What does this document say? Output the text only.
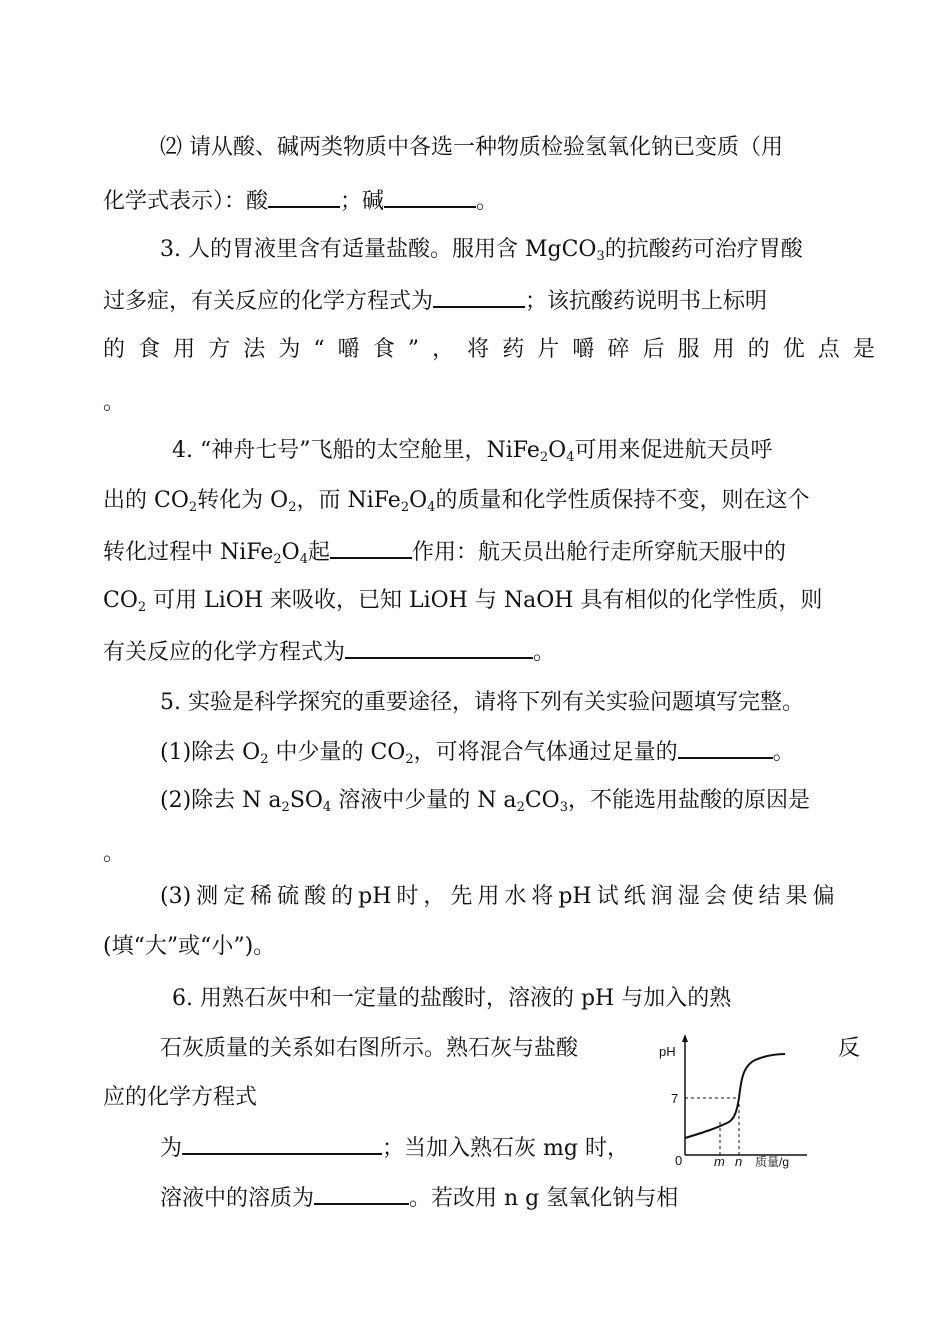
⑵ 请从酸、碱两类物质中各选一种物质检验氢氧化钠已变质（用
化学式表示）：酸	；碱	。
3. 人的胃液里含有适量盐酸。服用含 MgCO$_3$的抗酸药可治疗胃酸
过多症，有关反应的化学方程式为	；该抗酸药说明书上标明
的 食 用 方 法 为 “ 嚼 食 ” ， 将 药 片 嚼 碎 后 服 用 的 优 点 是
。
4. “神舟七号”飞船的太空舱里，$NiFe_2O_4$可用来促进航天员呼
出的 $CO_2$转化为 $O_2$，而 $NiFe_2O_4$的质量和化学性质保持不变，则在这个
转化过程中 $NiFe_2O_4$起	作用：航天员出舱行走所穿航天服中的
$CO_2$ 可用 LiOH 来吸收，已知 LiOH 与 NaOH 具有相似的化学性质，则
有关反应的化学方程式为	。
5. 实验是科学探究的重要途径，请将下列有关实验问题填写完整。
(1)除去 $O_2$ 中少量的 $CO_2$，可将混合气体通过足量的	。
(2)除去 N $a_2SO_4$ 溶液中少量的 N $a_2CO_3$，不能选用盐酸的原因是
。
(3) 测 定 稀 硫 酸 的 pH 时 ， 先 用 水 将 pH 试 纸 润 湿 会 使 结 果 偏
(填“大”或“小”)。
6. 用熟石灰中和一定量的盐酸时，溶液的 pH 与加入的熟
石灰质量的关系如右图所示。熟石灰与盐酸	反
应的化学方程式
为	；当加入熟石灰 mg 时，
溶液中的溶质为	。若改用 n g 氢氧化钠与相
pH
7
0 m n 质量/g
